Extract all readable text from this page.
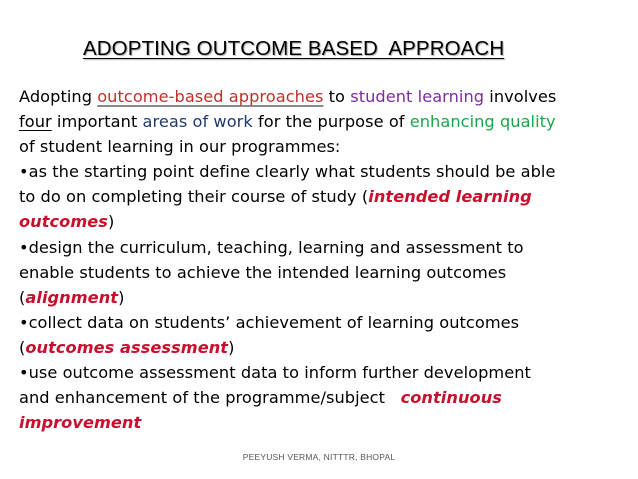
ADOPTING OUTCOME BASED  APPROACH
Adopting outcome-based approaches to student learning involves
four important areas of work for the purpose of enhancing quality
of student learning in our programmes:
•as the starting point define clearly what students should be able
to do on completing their course of study (intended learning
outcomes)
•design the curriculum, teaching, learning and assessment to
enable students to achieve the intended learning outcomes
(alignment)
•collect data on students’ achievement of learning outcomes
(outcomes assessment)
•use outcome assessment data to inform further development
and enhancement of the programme/subject   continuous
improvement
PEEYUSH VERMA, NITTTR, BHOPAL
